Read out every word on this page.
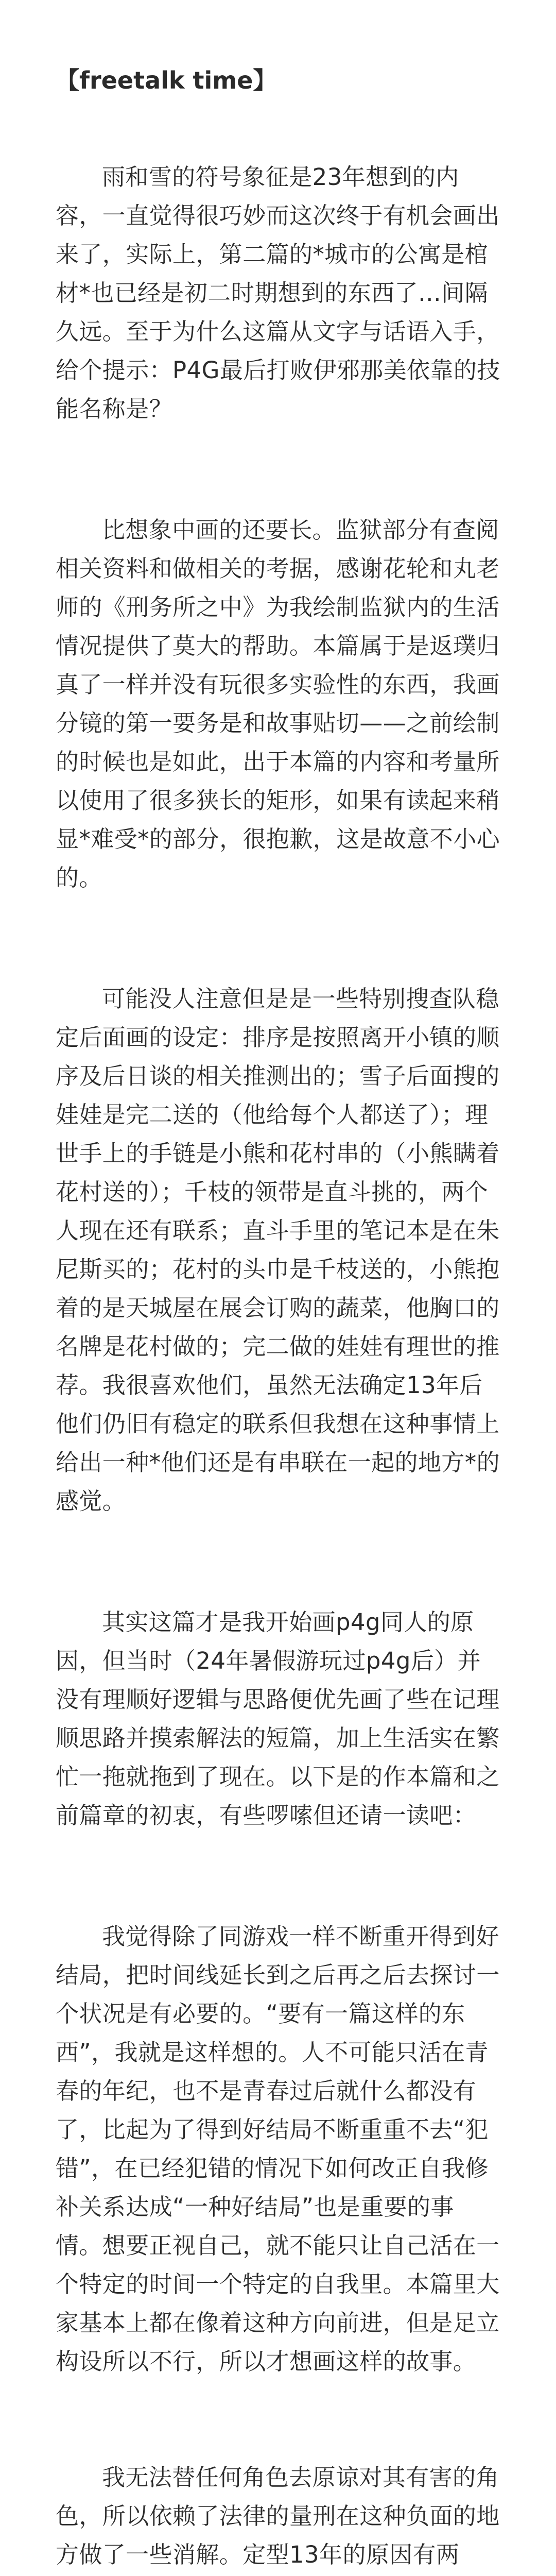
【freetalk time】

雨和雪的符号象征是23年想到的内容，一直觉得很巧妙而这次终于有机会画出来了，实际上，第二篇的*城市的公寓是棺材*也已经是初二时期想到的东西了…间隔久远。至于为什么这篇从文字与话语入手，给个提示：P4G最后打败伊邪那美依靠的技能名称是？

比想象中画的还要长。监狱部分有查阅相关资料和做相关的考据，感谢花轮和丸老师的《刑务所之中》为我绘制监狱内的生活情况提供了莫大的帮助。本篇属于是返璞归真了一样并没有玩很多实验性的东西，我画分镜的第一要务是和故事贴切——之前绘制的时候也是如此，出于本篇的内容和考量所以使用了很多狭长的矩形，如果有读起来稍显*难受*的部分，很抱歉，这是故意不小心的。

可能没人注意但是是一些特别搜查队稳定后面画的设定：排序是按照离开小镇的顺序及后日谈的相关推测出的；雪子后面搜的娃娃是完二送的（他给每个人都送了）；理世手上的手链是小熊和花村串的（小熊瞒着花村送的）；千枝的领带是直斗挑的，两个人现在还有联系；直斗手里的笔记本是在朱尼斯买的；花村的头巾是千枝送的，小熊抱着的是天城屋在展会订购的蔬菜，他胸口的名牌是花村做的；完二做的娃娃有理世的推荐。我很喜欢他们，虽然无法确定13年后他们仍旧有稳定的联系但我想在这种事情上给出一种*他们还是有串联在一起的地方*的感觉。

其实这篇才是我开始画p4g同人的原因，但当时（24年暑假游玩过p4g后）并没有理顺好逻辑与思路便优先画了些在记理顺思路并摸索解法的短篇，加上生活实在繁忙一拖就拖到了现在。以下是的作本篇和之前篇章的初衷，有些啰嗦但还请一读吧：

我觉得除了同游戏一样不断重开得到好结局，把时间线延长到之后再之后去探讨一个状况是有必要的。“要有一篇这样的东西”，我就是这样想的。人不可能只活在青春的年纪，也不是青春过后就什么都没有了，比起为了得到好结局不断重重不去“犯错”，在已经犯错的情况下如何改正自我修补关系达成“一种好结局”也是重要的事情。想要正视自己，就不能只让自己活在一个特定的时间一个特定的自我里。本篇里大家基本上都在像着这种方向前进，但是足立构设所以不行，所以才想画这样的故事。

我无法替任何角色去原谅对其有害的角色，所以依赖了法律的量刑在这种负面的地方做了一些消解。定型13年的原因有两
